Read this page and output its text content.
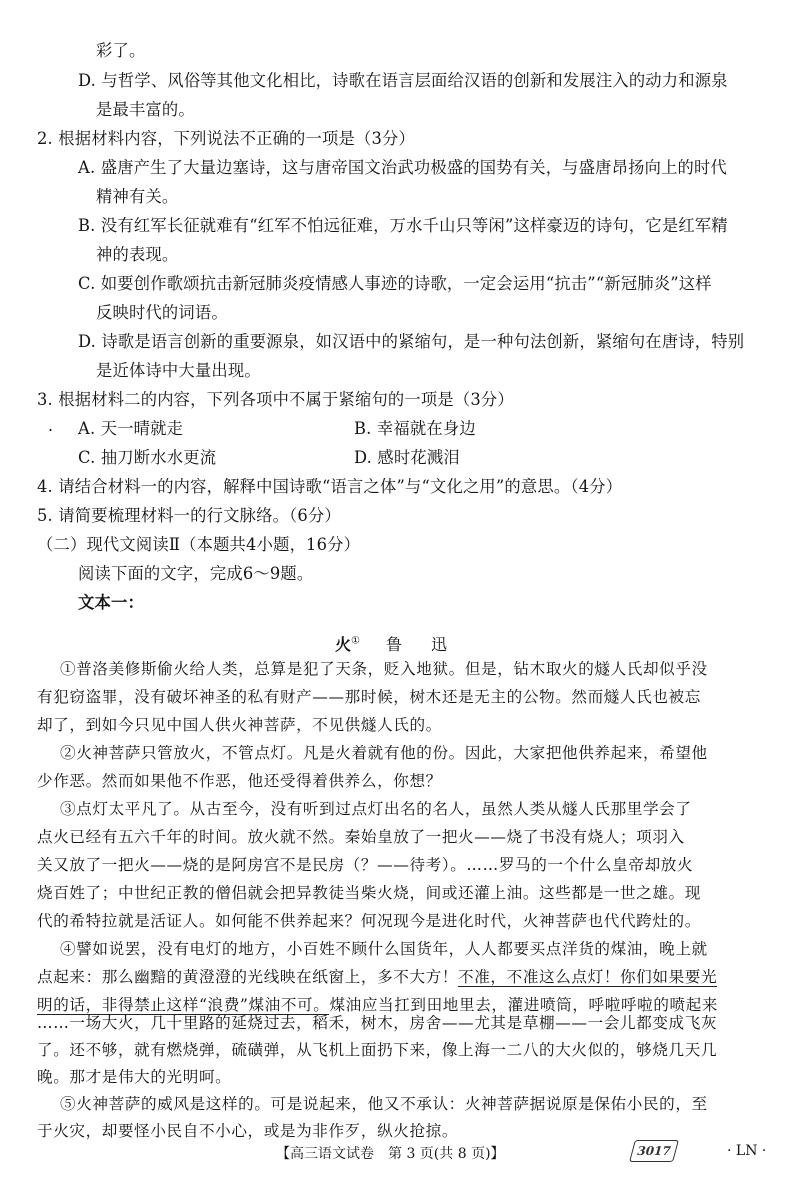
彩了。
D. 与哲学、风俗等其他文化相比，诗歌在语言层面给汉语的创新和发展注入的动力和源泉
是最丰富的。
2. 根据材料内容，下列说法不正确的一项是（3分）
A. 盛唐产生了大量边塞诗，这与唐帝国文治武功极盛的国势有关，与盛唐昂扬向上的时代
精神有关。
B. 没有红军长征就难有“红军不怕远征难，万水千山只等闲”这样豪迈的诗句，它是红军精
神的表现。
C. 如要创作歌颂抗击新冠肺炎疫情感人事迹的诗歌，一定会运用“抗击”“新冠肺炎”这样
反映时代的词语。
D. 诗歌是语言创新的重要源泉，如汉语中的紧缩句，是一种句法创新，紧缩句在唐诗，特别
是近体诗中大量出现。
3. 根据材料二的内容，下列各项中不属于紧缩句的一项是（3分）
. A. 天一晴就走	B. 幸福就在身边
C. 抽刀断水水更流	D. 感时花溅泪
4. 请结合材料一的内容，解释中国诗歌“语言之体”与“文化之用”的意思。（4分）
5. 请简要梳理材料一的行文脉络。（6分）
（二）现代文阅读Ⅱ（本题共4小题，16分）
阅读下面的文字，完成6～9题。
文本一：
火① 鲁 迅
①普洛美修斯偷火给人类，总算是犯了天条，贬入地狱。但是，钻木取火的燧人氏却似乎没
有犯窃盗罪，没有破坏神圣的私有财产——那时候，树木还是无主的公物。然而燧人氏也被忘
却了，到如今只见中国人供火神菩萨，不见供燧人氏的。
②火神菩萨只管放火，不管点灯。凡是火着就有他的份。因此，大家把他供养起来，希望他
少作恶。然而如果他不作恶，他还受得着供养么，你想？
③点灯太平凡了。从古至今，没有听到过点灯出名的名人，虽然人类从燧人氏那里学会了
点火已经有五六千年的时间。放火就不然。秦始皇放了一把火——烧了书没有烧人；项羽入
关又放了一把火——烧的是阿房宫不是民房（？——待考）。……罗马的一个什么皇帝却放火
烧百姓了；中世纪正教的僧侣就会把异教徒当柴火烧，间或还灌上油。这些都是一世之雄。现
代的希特拉就是活证人。如何能不供养起来？何况现今是进化时代，火神菩萨也代代跨灶的。
④譬如说罢，没有电灯的地方，小百姓不顾什么国货年，人人都要买点洋货的煤油，晚上就
点起来：那么幽黯的黄澄澄的光线映在纸窗上，多不大方！不准，不准这么点灯！你们如果要光
明的话，非得禁止这样“浪费”煤油不可。煤油应当扛到田地里去，灌进喷筒，呼啦呼啦的喷起来
……一场大火，几十里路的延烧过去，稻禾，树木，房舍——尤其是草棚——一会儿都变成飞灰
了。还不够，就有燃烧弹，硫磺弹，从飞机上面扔下来，像上海一二八的大火似的，够烧几天几
晚。那才是伟大的光明呵。
⑤火神菩萨的威风是这样的。可是说起来，他又不承认：火神菩萨据说原是保佑小民的，至
【高三语文试卷　第 3 页(共 8 页)】	3017	· LN ·
于火灾，却要怪小民自不小心，或是为非作歹，纵火抢掠。
